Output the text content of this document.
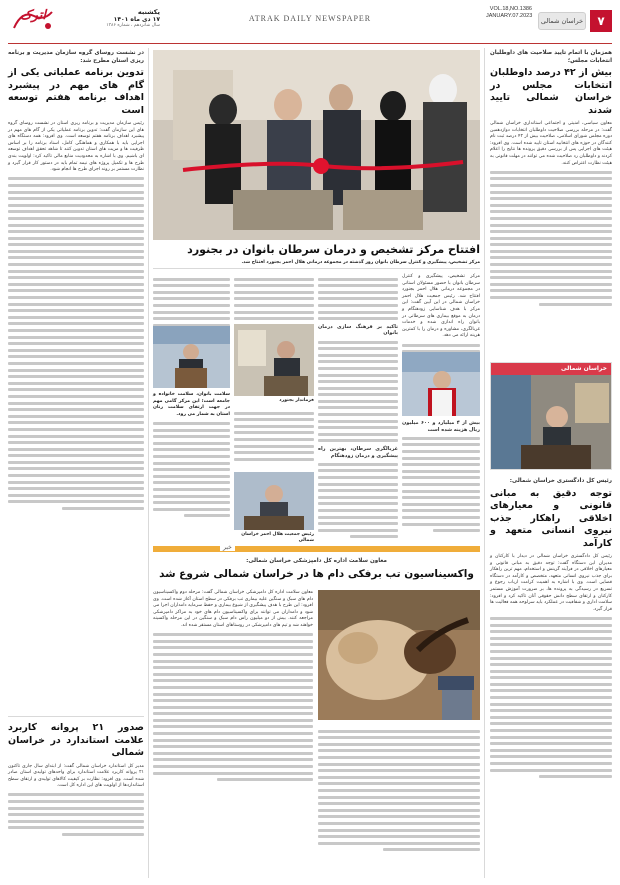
۷
خراسان شمالی
VOL.18,NO.1386
JANUARY.07.2023
ATRAK DAILY NEWSPAPER
اترک	یکشنبه
۱۷ دی ماه ۱۴۰۱
سال شانزدهم ، شماره ۱۳۸۶
همزمان با اتمام تایید صلاحیت های داوطلبان انتخابات مجلس؛
بیش از ۴۲ درصد داوطلبان انتخابات مجلس در خراسان شمالی تایید شدند
معاون سیاسی، امنیتی و اجتماعی استانداری خراسان شمالی گفت: در مرحله بررسی صلاحیت داوطلبان انتخابات دوازدهمین دوره مجلس شورای اسلامی، صلاحیت بیش از ۴۲ درصد ثبت نام کنندگان در حوزه های انتخابیه استان تایید شده است. وی افزود: هیئت های اجرایی پس از بررسی دقیق پرونده ها نتایج را اعلام کردند و داوطلبان رد صلاحیت شده می توانند در مهلت قانونی به هیئت نظارت اعتراض کنند.
خراسان شمالی
رئیس کل دادگستری خراسان شمالی:
توجه دقیق به مبانی قانونی و معیارهای اخلاقی راهکار جذب نیروی انسانی متعهد و کارآمد
رئیس کل دادگستری خراسان شمالی در دیدار با کارکنان و مدیران این دستگاه گفت: توجه دقیق به مبانی قانونی و معیارهای اخلاقی در فرآیند گزینش و استخدام، مهم ترین راهکار برای جذب نیروی انسانی متعهد، متخصص و کارآمد در دستگاه قضایی است. وی با اشاره به اهمیت کرامت ارباب رجوع و تسریع در رسیدگی به پرونده ها، بر ضرورت آموزش مستمر کارکنان و ارتقای سطح دانش حقوقی آنان تاکید کرد و افزود: سلامت اداری و شفافیت در عملکرد باید سرلوحه همه فعالیت ها قرار گیرد.
افتتاح مرکز تشخیص و درمان سرطان بانوان در بجنورد
مرکز تشخیص، پیشگیری و کنترل سرطان بانوان روز گذشته در مجموعه درمانی هلال احمر بجنورد افتتاح شد.
مرکز تشخیص، پیشگیری و کنترل سرطان بانوان با حضور مسئولان استانی در مجموعه درمانی هلال احمر بجنورد افتتاح شد. رئیس جمعیت هلال احمر خراسان شمالی در این آیین گفت: این مرکز با هدف شناسایی زودهنگام و درمان به موقع بیماری های سرطانی در بانوان راه اندازی شده و خدمات غربالگری، مشاوره و درمان را با کمترین هزینه ارائه می دهد.
بیش از ۴ میلیارد و ۶۰۰ میلیون ریال هزینه شده است
تاکید بر فرهنگ سازی درمان بانوان
غربالگری سرطان، بهترین راه پیشگیری و درمان زودهنگام
فرماندار بجنورد
رئیس جمعیت هلال احمر خراسان شمالی
سلامت بانوان، سلامت خانواده و جامعه است؛ این مرکز گامی مهم در جهت ارتقای سلامت زنان استان به شمار می رود.
خبر
معاون سلامت اداره کل دامپزشکی خراسان شمالی:
واکسیناسیون تب برفکی دام ها در خراسان شمالی شروع شد
معاون سلامت اداره کل دامپزشکی خراسان شمالی گفت: مرحله دوم واکسیناسیون دام های سبک و سنگین علیه بیماری تب برفکی در سطح استان آغاز شده است. وی افزود: این طرح با هدف پیشگیری از شیوع بیماری و حفظ سرمایه دامداران اجرا می شود و دامداران می توانند برای واکسیناسیون دام های خود به مراکز دامپزشکی مراجعه کنند. بیش از دو میلیون راس دام سبک و سنگین در این مرحله واکسینه خواهند شد و تیم های دامپزشکی در روستاهای استان مستقر شده اند.
در نشست روسای گروه سازمان مدیریت و برنامه ریزی استان مطرح شد:
تدوین برنامه عملیاتی یکی از گام های مهم در پیشبرد اهداف برنامه هفتم توسعه است
رئیس سازمان مدیریت و برنامه ریزی استان در نشست روسای گروه های این سازمان گفت: تدوین برنامه عملیاتی یکی از گام های مهم در پیشبرد اهداف برنامه هفتم توسعه است. وی افزود: همه دستگاه های اجرایی باید با همکاری و هماهنگی کامل، اسناد برنامه را بر اساس ظرفیت ها و مزیت های استان تدوین کنند تا شاهد تحقق اهداف توسعه ای باشیم. وی با اشاره به محدودیت منابع مالی تاکید کرد: اولویت بندی طرح ها و تکمیل پروژه های نیمه تمام باید در دستور کار قرار گیرد و نظارت مستمر بر روند اجرای طرح ها انجام شود.
صدور ۲۱ پروانه کاربرد علامت استاندارد در خراسان شمالی
مدیر کل استاندارد خراسان شمالی گفت: از ابتدای سال جاری تاکنون ۲۱ پروانه کاربرد علامت استاندارد برای واحدهای تولیدی استان صادر شده است. وی افزود: نظارت بر کیفیت کالاهای تولیدی و ارتقای سطح استانداردها از اولویت های این اداره کل است.
